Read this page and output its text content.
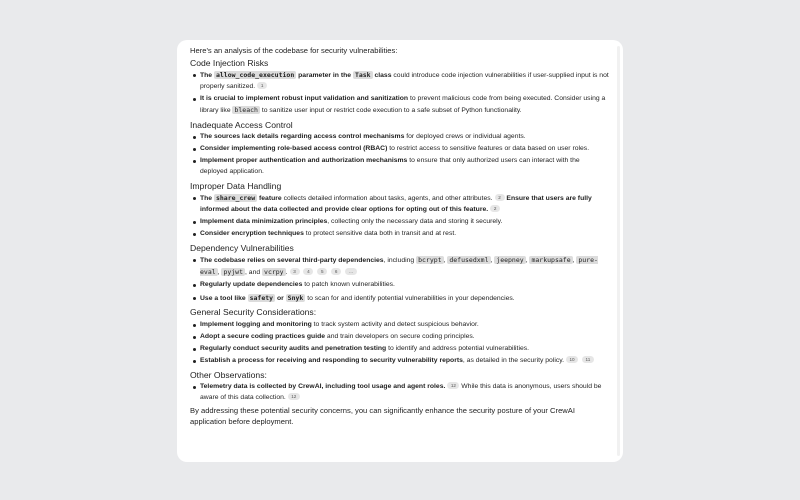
Here's an analysis of the codebase for security vulnerabilities:

Code Injection Risks
The allow_code_execution parameter in the Task class could introduce code injection vulnerabilities if user-supplied input is not properly sanitized. 1
It is crucial to implement robust input validation and sanitization to prevent malicious code from being executed. Consider using a library like bleach to sanitize user input or restrict code execution to a safe subset of Python functionality.
Inadequate Access Control
The sources lack details regarding access control mechanisms for deployed crews or individual agents.
Consider implementing role-based access control (RBAC) to restrict access to sensitive features or data based on user roles.
Implement proper authentication and authorization mechanisms to ensure that only authorized users can interact with the deployed application.
Improper Data Handling
The share_crew feature collects detailed information about tasks, agents, and other attributes. 2 Ensure that users are fully informed about the data collected and provide clear options for opting out of this feature. 2
Implement data minimization principles, collecting only the necessary data and storing it securely.
Consider encryption techniques to protect sensitive data both in transit and at rest.
Dependency Vulnerabilities
The codebase relies on several third-party dependencies, including bcrypt , defusedxml , jeepney , markupsafe , pure-eval , pyjwt , and vcrpy . 3 4 5 6	...
Regularly update dependencies to patch known vulnerabilities.
Use a tool like safety or Snyk to scan for and identify potential vulnerabilities in your dependencies.
General Security Considerations:
Implement logging and monitoring to track system activity and detect suspicious behavior.
Adopt a secure coding practices guide and train developers on secure coding principles.
Regularly conduct security audits and penetration testing to identify and address potential vulnerabilities.
Establish a process for receiving and responding to security vulnerability reports, as detailed in the security policy. 10 11
Other Observations:
Telemetry data is collected by CrewAI, including tool usage and agent roles. 12 While this data is anonymous, users should be aware of this data collection. 12

By addressing these potential security concerns, you can significantly enhance the security posture of your CrewAI application before deployment.
